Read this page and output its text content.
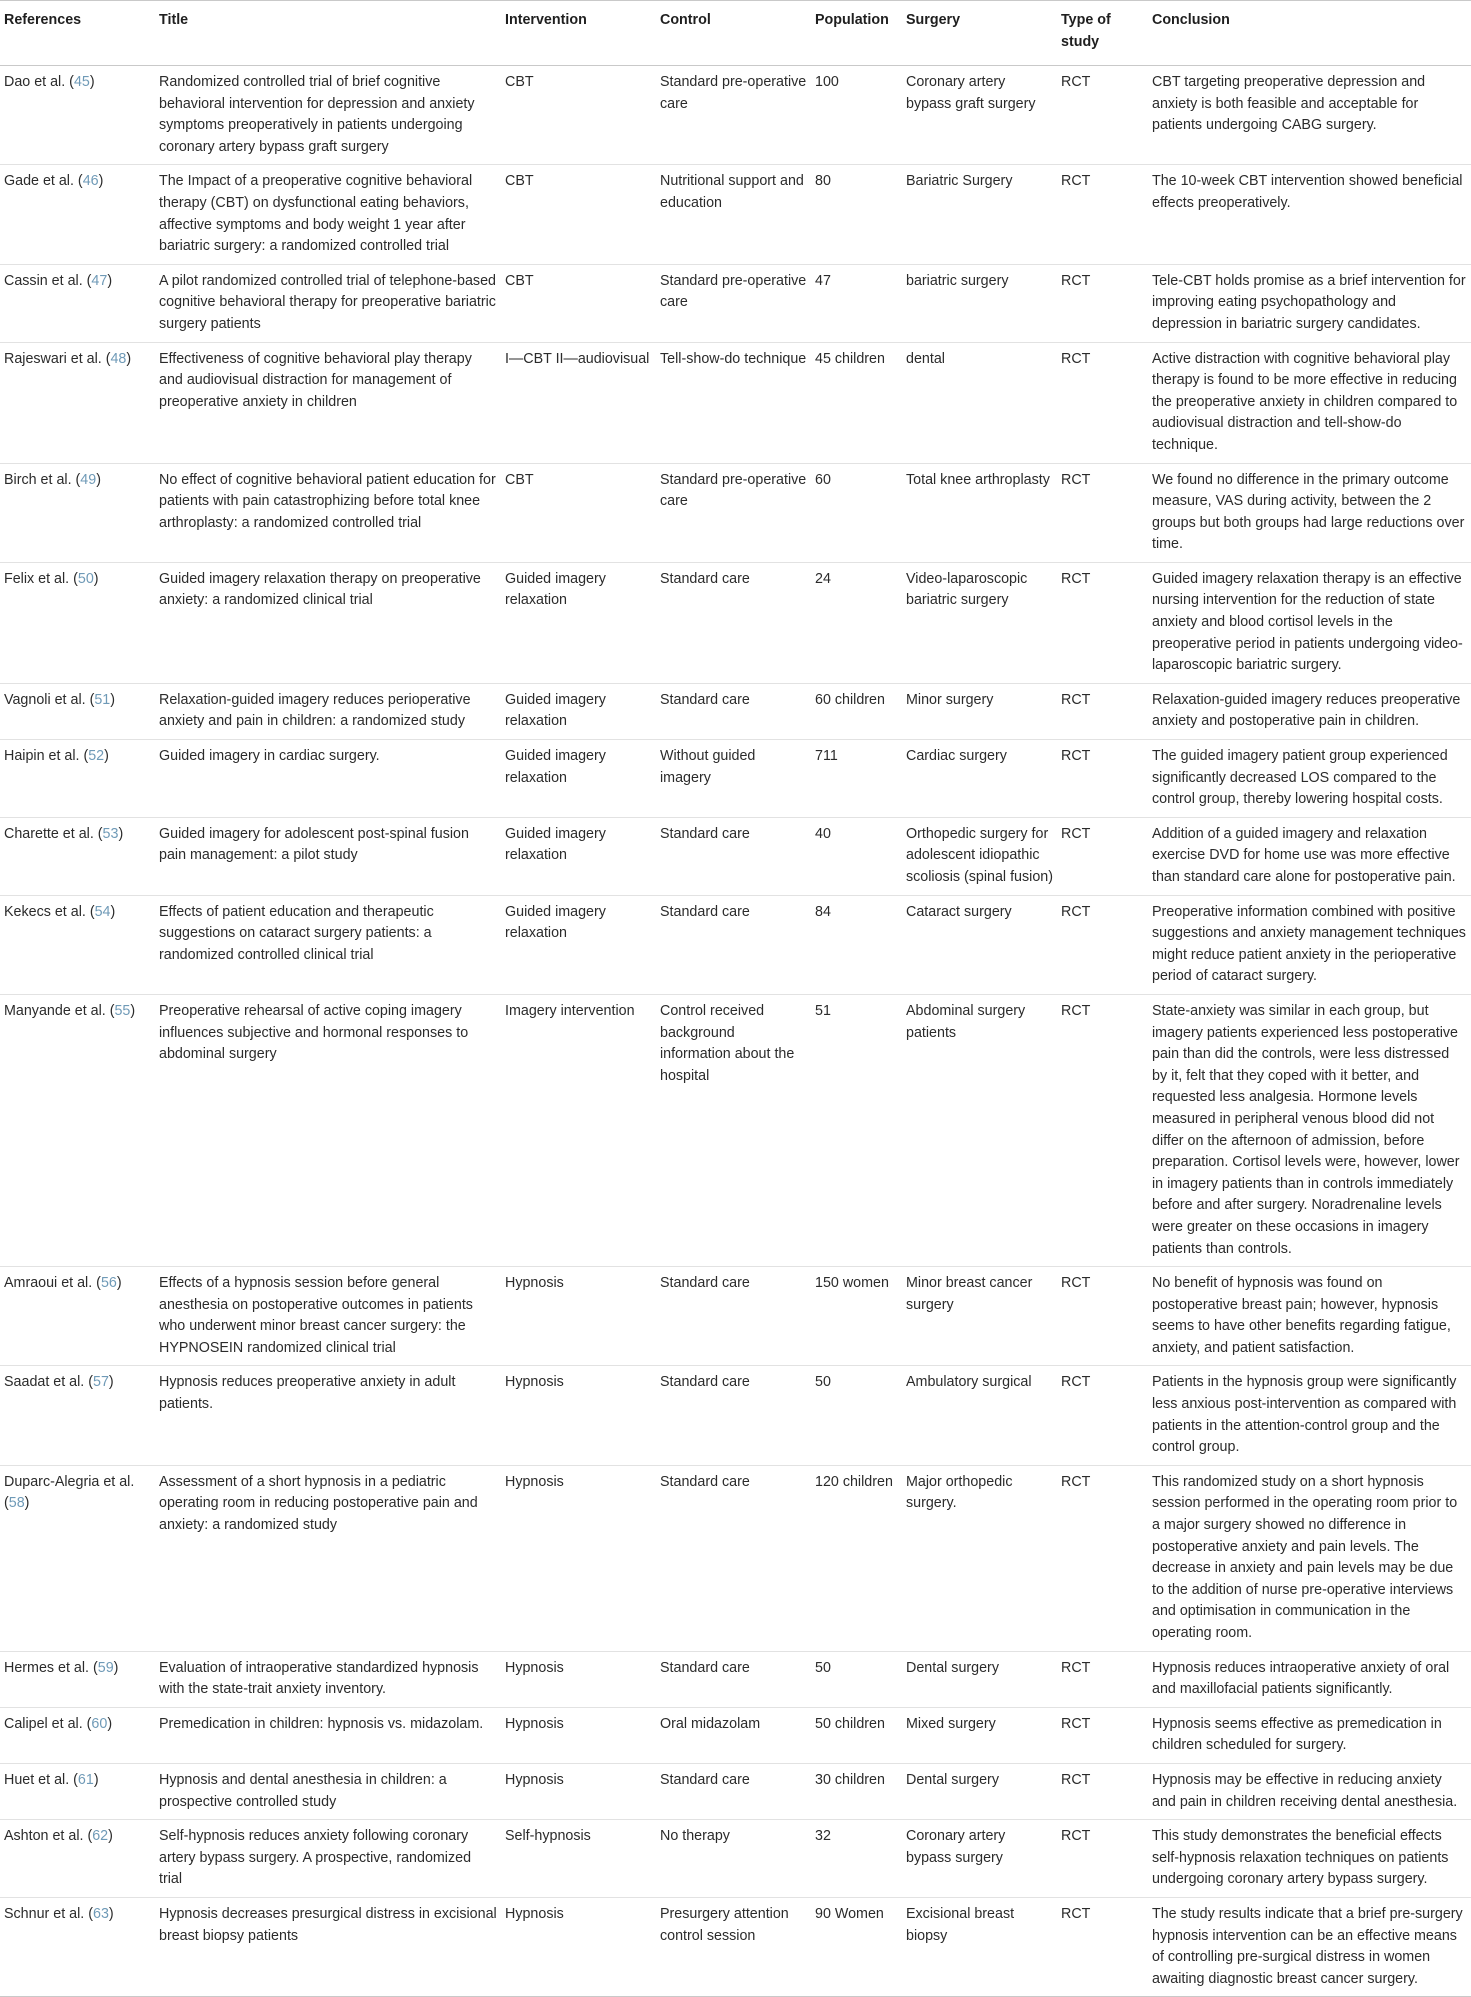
References	Title	Intervention	Control	Population	Surgery	Type of study	Conclusion
Dao et al. (45)	Randomized controlled trial of brief cognitive behavioral intervention for depression and anxiety symptoms preoperatively in patients undergoing coronary artery bypass graft surgery	CBT	Standard pre-operative care	100	Coronary artery bypass graft surgery	RCT	CBT targeting preoperative depression and anxiety is both feasible and acceptable for patients undergoing CABG surgery.
Gade et al. (46)	The Impact of a preoperative cognitive behavioral therapy (CBT) on dysfunctional eating behaviors, affective symptoms and body weight 1 year after bariatric surgery: a randomized controlled trial	CBT	Nutritional support and education	80	Bariatric Surgery	RCT	The 10-week CBT intervention showed beneficial effects preoperatively.
Cassin et al. (47)	A pilot randomized controlled trial of telephone-based cognitive behavioral therapy for preoperative bariatric surgery patients	CBT	Standard pre-operative care	47	bariatric surgery	RCT	Tele-CBT holds promise as a brief intervention for improving eating psychopathology and depression in bariatric surgery candidates.
Rajeswari et al. (48)	Effectiveness of cognitive behavioral play therapy and audiovisual distraction for management of preoperative anxiety in children	I—CBT II—audiovisual	Tell-show-do technique	45 children	dental	RCT	Active distraction with cognitive behavioral play therapy is found to be more effective in reducing the preoperative anxiety in children compared to audiovisual distraction and tell-show-do technique.
Birch et al. (49)	No effect of cognitive behavioral patient education for patients with pain catastrophizing before total knee arthroplasty: a randomized controlled trial	CBT	Standard pre-operative care	60	Total knee arthroplasty	RCT	We found no difference in the primary outcome measure, VAS during activity, between the 2 groups but both groups had large reductions over time.
Felix et al. (50)	Guided imagery relaxation therapy on preoperative anxiety: a randomized clinical trial	Guided imagery relaxation	Standard care	24	Video-laparoscopic bariatric surgery	RCT	Guided imagery relaxation therapy is an effective nursing intervention for the reduction of state anxiety and blood cortisol levels in the preoperative period in patients undergoing video-laparoscopic bariatric surgery.
Vagnoli et al. (51)	Relaxation-guided imagery reduces perioperative anxiety and pain in children: a randomized study	Guided imagery relaxation	Standard care	60 children	Minor surgery	RCT	Relaxation-guided imagery reduces preoperative anxiety and postoperative pain in children.
Haipin et al. (52)	Guided imagery in cardiac surgery.	Guided imagery relaxation	Without guided imagery	711	Cardiac surgery	RCT	The guided imagery patient group experienced significantly decreased LOS compared to the control group, thereby lowering hospital costs.
Charette et al. (53)	Guided imagery for adolescent post-spinal fusion pain management: a pilot study	Guided imagery relaxation	Standard care	40	Orthopedic surgery for adolescent idiopathic scoliosis (spinal fusion)	RCT	Addition of a guided imagery and relaxation exercise DVD for home use was more effective than standard care alone for postoperative pain.
Kekecs et al. (54)	Effects of patient education and therapeutic suggestions on cataract surgery patients: a randomized controlled clinical trial	Guided imagery relaxation	Standard care	84	Cataract surgery	RCT	Preoperative information combined with positive suggestions and anxiety management techniques might reduce patient anxiety in the perioperative period of cataract surgery.
Manyande et al. (55)	Preoperative rehearsal of active coping imagery influences subjective and hormonal responses to abdominal surgery	Imagery intervention	Control received background information about the hospital	51	Abdominal surgery patients	RCT	State-anxiety was similar in each group, but imagery patients experienced less postoperative pain than did the controls, were less distressed by it, felt that they coped with it better, and requested less analgesia. Hormone levels measured in peripheral venous blood did not differ on the afternoon of admission, before preparation. Cortisol levels were, however, lower in imagery patients than in controls immediately before and after surgery. Noradrenaline levels were greater on these occasions in imagery patients than controls.
Amraoui et al. (56)	Effects of a hypnosis session before general anesthesia on postoperative outcomes in patients who underwent minor breast cancer surgery: the HYPNOSEIN randomized clinical trial	Hypnosis	Standard care	150 women	Minor breast cancer surgery	RCT	No benefit of hypnosis was found on postoperative breast pain; however, hypnosis seems to have other benefits regarding fatigue, anxiety, and patient satisfaction.
Saadat et al. (57)	Hypnosis reduces preoperative anxiety in adult patients.	Hypnosis	Standard care	50	Ambulatory surgical	RCT	Patients in the hypnosis group were significantly less anxious post-intervention as compared with patients in the attention-control group and the control group.
Duparc-Alegria et al. (58)	Assessment of a short hypnosis in a pediatric operating room in reducing postoperative pain and anxiety: a randomized study	Hypnosis	Standard care	120 children	Major orthopedic surgery.	RCT	This randomized study on a short hypnosis session performed in the operating room prior to a major surgery showed no difference in postoperative anxiety and pain levels. The decrease in anxiety and pain levels may be due to the addition of nurse pre-operative interviews and optimisation in communication in the operating room.
Hermes et al. (59)	Evaluation of intraoperative standardized hypnosis with the state-trait anxiety inventory.	Hypnosis	Standard care	50	Dental surgery	RCT	Hypnosis reduces intraoperative anxiety of oral and maxillofacial patients significantly.
Calipel et al. (60)	Premedication in children: hypnosis vs. midazolam.	Hypnosis	Oral midazolam	50 children	Mixed surgery	RCT	Hypnosis seems effective as premedication in children scheduled for surgery.
Huet et al. (61)	Hypnosis and dental anesthesia in children: a prospective controlled study	Hypnosis	Standard care	30 children	Dental surgery	RCT	Hypnosis may be effective in reducing anxiety and pain in children receiving dental anesthesia.
Ashton et al. (62)	Self-hypnosis reduces anxiety following coronary artery bypass surgery. A prospective, randomized trial	Self-hypnosis	No therapy	32	Coronary artery bypass surgery	RCT	This study demonstrates the beneficial effects self-hypnosis relaxation techniques on patients undergoing coronary artery bypass surgery.
Schnur et al. (63)	Hypnosis decreases presurgical distress in excisional breast biopsy patients	Hypnosis	Presurgery attention control session	90 Women	Excisional breast biopsy	RCT	The study results indicate that a brief pre-surgery hypnosis intervention can be an effective means of controlling pre-surgical distress in women awaiting diagnostic breast cancer surgery.
